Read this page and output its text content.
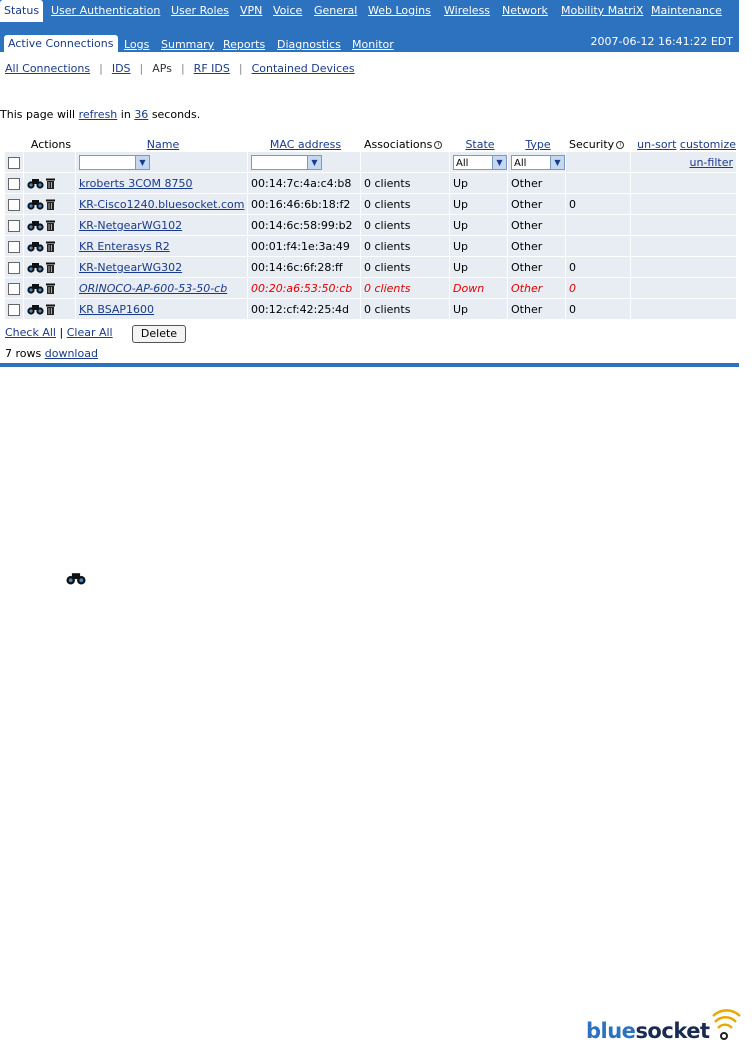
Status	User Authentication User Roles VPN Voice General Web Logins Wireless Network Mobility MatriX Maintenance
Active Connections Logs Summary Reports Diagnostics Monitor	2007-06-12 16:41:22 EDT
All Connections | IDS | APs | RF IDS | Contained Devices
This page will refresh in 36 seconds.
	Actions	Name	MAC address	Associations i	State	Type	Security i	un-sort customize

		▼	▼		All ▼	All ▼		un-filter
		kroberts 3COM 8750	00:14:7c:4a:c4:b8	0 clients	Up	Other		
		KR-Cisco1240.bluesocket.com	00:16:46:6b:18:f2	0 clients	Up	Other	0	
		KR-NetgearWG102	00:14:6c:58:99:b2	0 clients	Up	Other		
		KR Enterasys R2	00:01:f4:1e:3a:49	0 clients	Up	Other		
		KR-NetgearWG302	00:14:6c:6f:28:ff	0 clients	Up	Other	0	
		ORINOCO-AP-600-53-50-cb	00:20:a6:53:50:cb	0 clients	Down	Other	0	
		KR BSAP1600	00:12:cf:42:25:4d	0 clients	Up	Other	0	
Check All | Clear All	Delete
7 rows download
bluesocket
